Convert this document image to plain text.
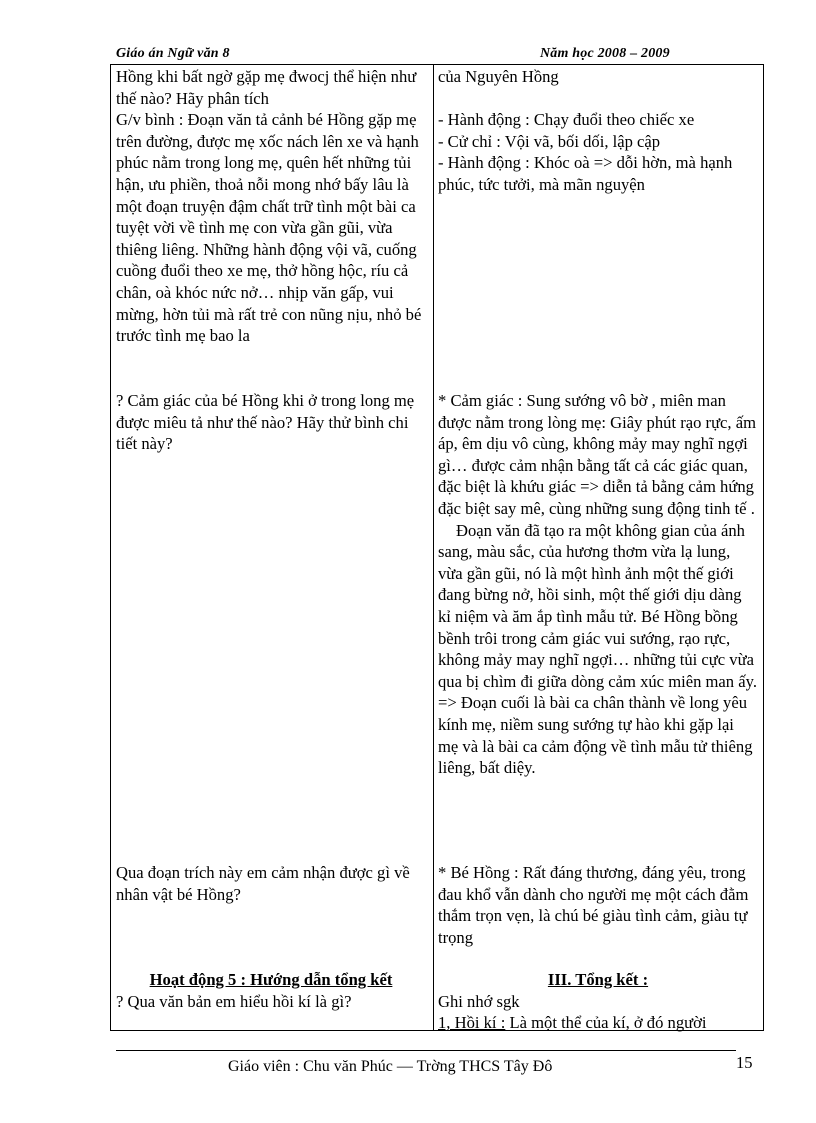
Giáo án Ngữ văn 8	Năm học 2008 – 2009

Hồng khi bất ngờ gặp mẹ đwocj thể hiện như thế nào? Hãy phân tích

G/v bình : Đoạn văn tả cảnh bé Hồng gặp mẹ trên đường, được mẹ xốc nách lên xe và hạnh phúc nằm trong long mẹ, quên hết những tủi hận, ưu phiền, thoả nỗi mong nhớ bấy lâu là một đoạn truyện đậm chất trữ tình một bài ca tuyệt vời về tình mẹ con vừa gần gũi, vừa thiêng liêng. Những hành động vội vã, cuống cuồng đuổi theo xe mẹ, thở hồng hộc, ríu cả chân, oà khóc nức nở… nhịp văn gấp, vui mừng, hờn tủi mà rất trẻ con nũng nịu, nhỏ bé trước tình mẹ bao la

của Nguyên Hồng

- Hành động : Chạy đuổi theo chiếc xe

- Cử chỉ : Vội vã, bối dối, lập cập

- Hành động : Khóc oà => dỗi hờn, mà hạnh phúc, tức tưởi, mà mãn nguyện

? Cảm giác của bé Hồng khi ở trong long mẹ được miêu tả như thế nào? Hãy thử bình chi tiết này?

* Cảm giác : Sung sướng vô bờ , miên man được nằm trong lòng mẹ: Giây phút rạo rực, ấm áp, êm dịu vô cùng, không mảy may nghĩ ngợi gì… được cảm nhận bằng tất cả các giác quan, đặc biệt là khứu giác => diễn tả bằng cảm hứng đặc biệt say mê, cùng những sung động tinh tế .

Đoạn văn đã tạo ra một không gian của ánh sang, màu sắc, của hương thơm vừa lạ lung, vừa gần gũi, nó là một hình ảnh một thế giới đang bừng nở, hồi sinh, một thế giới dịu dàng kỉ niệm và ăm ắp tình mẫu tử. Bé Hồng bồng bềnh trôi trong cảm giác vui sướng, rạo rực, không mảy may nghĩ ngợi… những tủi cực vừa qua bị chìm đi giữa dòng cảm xúc miên man ấy. => Đoạn cuối là bài ca chân thành về long yêu kính mẹ, niềm sung sướng tự hào khi gặp lại mẹ và là bài ca cảm động về tình mẫu tử thiêng liêng, bất diệy.

Qua đoạn trích này em cảm nhận được gì về nhân vật bé Hồng?

* Bé Hồng : Rất đáng thương, đáng yêu, trong đau khổ vẫn dành cho người mẹ một cách đằm thắm trọn vẹn, là chú bé giàu tình cảm, giàu tự trọng

Hoạt động 5 : Hướng dẫn tổng kết

? Qua văn bản em hiểu hồi kí là gì?

III. Tổng kết :

Ghi nhớ sgk

1, Hồi kí : Là một thể của kí, ở đó người

Giáo viên : Chu văn Phúc — Trờng THCS Tây Đô	15
